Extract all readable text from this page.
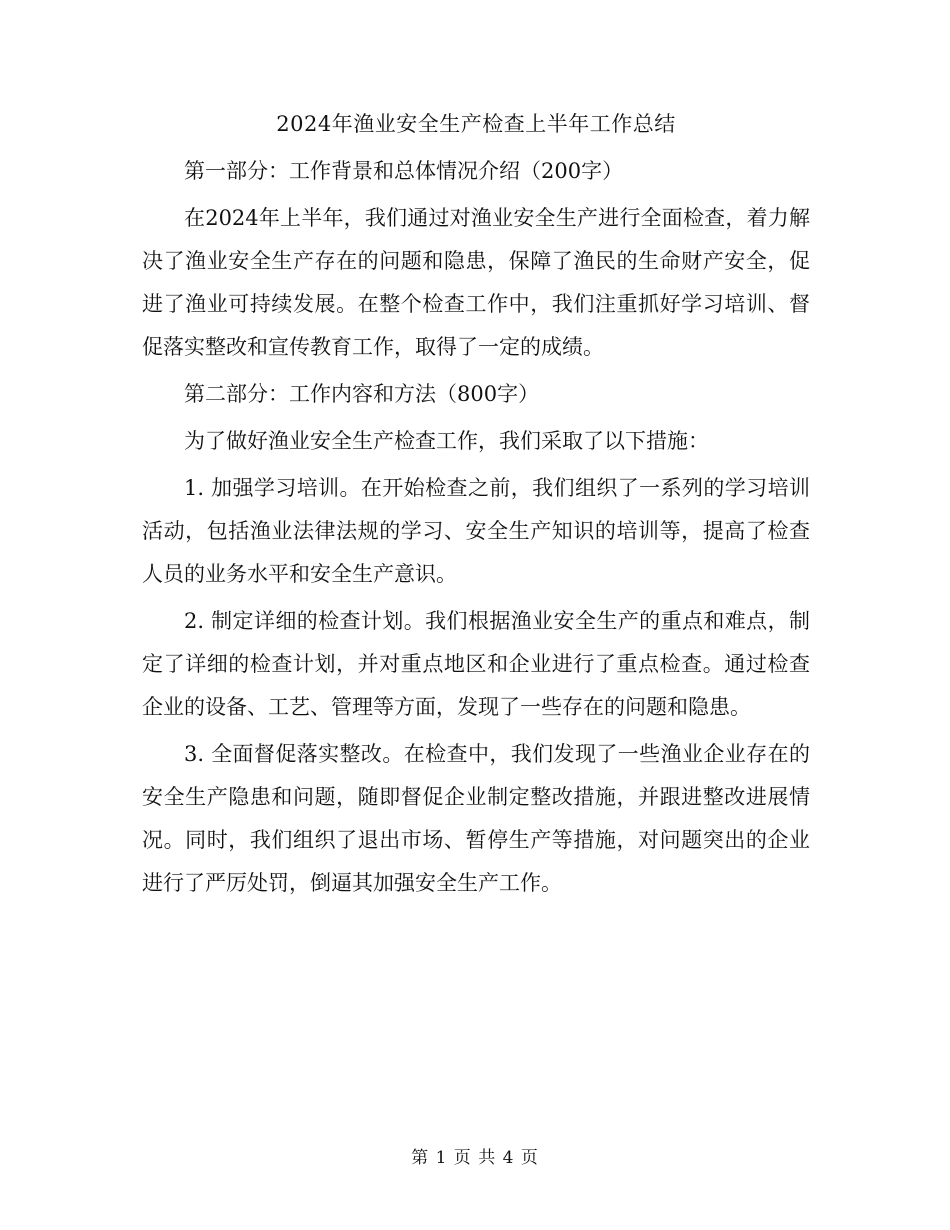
2024年渔业安全生产检查上半年工作总结

第一部分：工作背景和总体情况介绍（200字）

在2024年上半年，我们通过对渔业安全生产进行全面检查，着力解决了渔业安全生产存在的问题和隐患，保障了渔民的生命财产安全，促进了渔业可持续发展。在整个检查工作中，我们注重抓好学习培训、督促落实整改和宣传教育工作，取得了一定的成绩。

第二部分：工作内容和方法（800字）

为了做好渔业安全生产检查工作，我们采取了以下措施：

1. 加强学习培训。在开始检查之前，我们组织了一系列的学习培训活动，包括渔业法律法规的学习、安全生产知识的培训等，提高了检查人员的业务水平和安全生产意识。

2. 制定详细的检查计划。我们根据渔业安全生产的重点和难点，制定了详细的检查计划，并对重点地区和企业进行了重点检查。通过检查企业的设备、工艺、管理等方面，发现了一些存在的问题和隐患。

3. 全面督促落实整改。在检查中，我们发现了一些渔业企业存在的安全生产隐患和问题，随即督促企业制定整改措施，并跟进整改进展情况。同时，我们组织了退出市场、暂停生产等措施，对问题突出的企业进行了严厉处罚，倒逼其加强安全生产工作。

第 1 页 共 4 页
